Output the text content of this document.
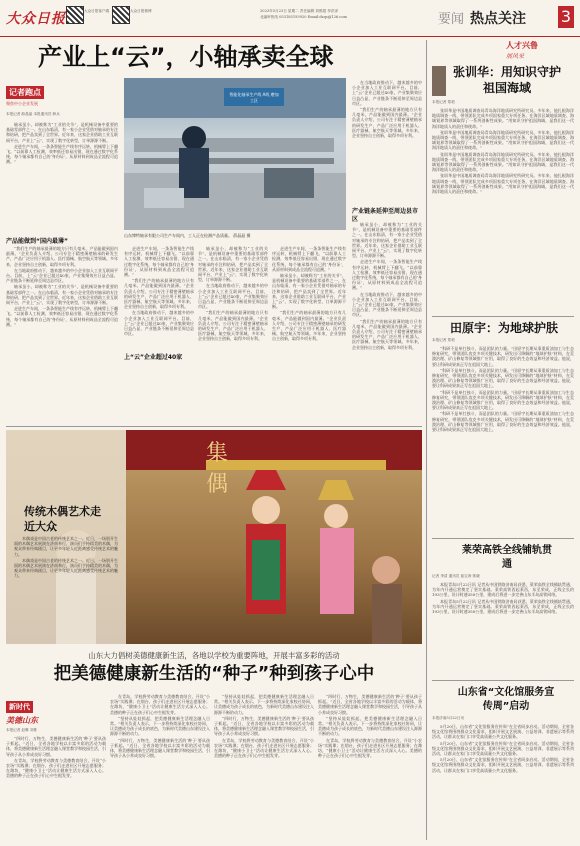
大众日报	大众日报客户端	大众日报微博	2023年5月23日 星期二 责任编辑 刘维超 李洪泽
北编审热线 053185193920 Email:dzqs@126.com	要闻 热点关注 3
产业上“云”，小轴承卖全球
记者跑点
聚焦中小企业发展
本报记者 薛晶晶 本报通讯员 韩兵

轴承虽小，却被称为“工业的关节”，是机械设备中重要的基础零部件之一。在山东临清，有一家小企业凭借对轴承的专注和钻研，把产品卖到了全世界。近年来，这家企业借助工业互联网平台，产业上“云”，实现了数字化转型，订单源源不断。

走进生产车间，一条条智能生产线有序运转，机械臂上下翻飞。“以前靠人工检测，效率低还容易出错，现在通过数字化系统，每个轴承都有自己的‘身份证’，从原材料到成品全流程可追溯。”

产品能做到“国内最薄”

“我们生产的轴承最薄的地方只有几毫米，产品能做到国内最薄。”企业负责人介绍，公司专注于精密薄壁轴承的研发生产，产品广泛应用于机器人、医疗器械、航空航天等领域。多年来，企业坚持自主创新，取得多项专利。

在当地政府推动下，越来越多的中小企业加入工业互联网平台。目前，上“云”企业已超过40家，产业集聚效应日益凸显，产业链条不断延伸至周边县市区。

轴承虽小，却被称为“工业的关节”，是机械设备中重要的基础零部件之一。在山东临清，有一家小企业凭借对轴承的专注和钻研，把产品卖到了全世界。近年来，这家企业借助工业互联网平台，产业上“云”，实现了数字化转型，订单源源不断。

走进生产车间，一条条智能生产线有序运转，机械臂上下翻飞。“以前靠人工检测，效率低还容易出错，现在通过数字化系统，每个轴承都有自己的‘身份证’，从原材料到成品全流程可追溯。”

智能化轴承生产线 A线 磨加工区
山东博特轴承有限公司生产车间内，工人正在检测产品质量。 薛晶晶 摄

走进生产车间，一条条智能生产线有序运转，机械臂上下翻飞。“以前靠人工检测，效率低还容易出错，现在通过数字化系统，每个轴承都有自己的‘身份证’，从原材料到成品全流程可追溯。”

“我们生产的轴承最薄的地方只有几毫米，产品能做到国内最薄。”企业负责人介绍，公司专注于精密薄壁轴承的研发生产，产品广泛应用于机器人、医疗器械、航空航天等领域。多年来，企业坚持自主创新，取得多项专利。

在当地政府推动下，越来越多的中小企业加入工业互联网平台。目前，上“云”企业已超过40家，产业集聚效应日益凸显，产业链条不断延伸至周边县市区。

上“云”企业超过40家

轴承虽小，却被称为“工业的关节”，是机械设备中重要的基础零部件之一。在山东临清，有一家小企业凭借对轴承的专注和钻研，把产品卖到了全世界。近年来，这家企业借助工业互联网平台，产业上“云”，实现了数字化转型，订单源源不断。

在当地政府推动下，越来越多的中小企业加入工业互联网平台。目前，上“云”企业已超过40家，产业集聚效应日益凸显，产业链条不断延伸至周边县市区。

“我们生产的轴承最薄的地方只有几毫米，产品能做到国内最薄。”企业负责人介绍，公司专注于精密薄壁轴承的研发生产，产品广泛应用于机器人、医疗器械、航空航天等领域。多年来，企业坚持自主创新，取得多项专利。

走进生产车间，一条条智能生产线有序运转，机械臂上下翻飞。“以前靠人工检测，效率低还容易出错，现在通过数字化系统，每个轴承都有自己的‘身份证’，从原材料到成品全流程可追溯。”

轴承虽小，却被称为“工业的关节”，是机械设备中重要的基础零部件之一。在山东临清，有一家小企业凭借对轴承的专注和钻研，把产品卖到了全世界。近年来，这家企业借助工业互联网平台，产业上“云”，实现了数字化转型，订单源源不断。

“我们生产的轴承最薄的地方只有几毫米，产品能做到国内最薄。”企业负责人介绍，公司专注于精密薄壁轴承的研发生产，产品广泛应用于机器人、医疗器械、航空航天等领域。多年来，企业坚持自主创新，取得多项专利。

产业链条延伸至周边县市区

在当地政府推动下，越来越多的中小企业加入工业互联网平台。目前，上“云”企业已超过40家，产业集聚效应日益凸显，产业链条不断延伸至周边县市区。

“我们生产的轴承最薄的地方只有几毫米，产品能做到国内最薄。”企业负责人介绍，公司专注于精密薄壁轴承的研发生产，产品广泛应用于机器人、医疗器械、航空航天等领域。多年来，企业坚持自主创新，取得多项专利。

轴承虽小，却被称为“工业的关节”，是机械设备中重要的基础零部件之一。在山东临清，有一家小企业凭借对轴承的专注和钻研，把产品卖到了全世界。近年来，这家企业借助工业互联网平台，产业上“云”，实现了数字化转型，订单源源不断。

走进生产车间，一条条智能生产线有序运转，机械臂上下翻飞。“以前靠人工检测，效率低还容易出错，现在通过数字化系统，每个轴承都有自己的‘身份证’，从原材料到成品全流程可追溯。”

在当地政府推动下，越来越多的中小企业加入工业互联网平台。目前，上“云”企业已超过40家，产业集聚效应日益凸显，产业链条不断延伸至周边县市区。

“我们生产的轴承最薄的地方只有几毫米，产品能做到国内最薄。”企业负责人介绍，公司专注于精密薄壁轴承的研发生产，产品广泛应用于机器人、医疗器械、航空航天等领域。多年来，企业坚持自主创新，取得多项专利。

人才兴鲁
展风采
张训华：用知识守护祖国海域
本报记者 郑莉

张训华是中国地质调查局青岛海洋地质研究所研究员。多年来，他扎根海洋地质调查一线，带领团队完成多项国家重大专项任务，在海洋区域地质调查、海域划界等领域取得了一系列创新性成果。“用知识守护祖国海域，是我们这一代海洋地质人的责任和使命。”

张训华是中国地质调查局青岛海洋地质研究所研究员。多年来，他扎根海洋地质调查一线，带领团队完成多项国家重大专项任务，在海洋区域地质调查、海域划界等领域取得了一系列创新性成果。“用知识守护祖国海域，是我们这一代海洋地质人的责任和使命。”

张训华是中国地质调查局青岛海洋地质研究所研究员。多年来，他扎根海洋地质调查一线，带领团队完成多项国家重大专项任务，在海洋区域地质调查、海域划界等领域取得了一系列创新性成果。“用知识守护祖国海域，是我们这一代海洋地质人的责任和使命。”

张训华是中国地质调查局青岛海洋地质研究所研究员。多年来，他扎根海洋地质调查一线，带领团队完成多项国家重大专项任务，在海洋区域地质调查、海域划界等领域取得了一系列创新性成果。“用知识守护祖国海域，是我们这一代海洋地质人的责任和使命。”

田原宇：为地球护肤
本报记者 郑莉

“科研不是单打独斗，而是团队的力量。”田原宇长期从事重质油加工与生态修复研究，带领团队攻克多项关键技术，研发出可降解的“地球护肤”材料，在荒漠治理、矿山修复等领域推广应用，取得了良好的生态效益和经济效益。他说，要让科研成果真正写在祖国大地上。

“科研不是单打独斗，而是团队的力量。”田原宇长期从事重质油加工与生态修复研究，带领团队攻克多项关键技术，研发出可降解的“地球护肤”材料，在荒漠治理、矿山修复等领域推广应用，取得了良好的生态效益和经济效益。他说，要让科研成果真正写在祖国大地上。

“科研不是单打独斗，而是团队的力量。”田原宇长期从事重质油加工与生态修复研究，带领团队攻克多项关键技术，研发出可降解的“地球护肤”材料，在荒漠治理、矿山修复等领域推广应用，取得了良好的生态效益和经济效益。他说，要让科研成果真正写在祖国大地上。

“科研不是单打独斗，而是团队的力量。”田原宇长期从事重质油加工与生态修复研究，带领团队攻克多项关键技术，研发出可降解的“地球护肤”材料，在荒漠治理、矿山修复等领域推广应用，取得了良好的生态效益和经济效益。他说，要让科研成果真正写在祖国大地上。

莱荣高铁全线铺轨贯通
记者 李清 通讯员 崔宝涛 郭晓

本报青岛5月22日讯 记者从中国铁路济南局获悉，莱荣高铁全线铺轨贯通，为年内开通运营奠定了坚实基础。莱荣高铁西起莱西，东至荣成，正线全长约193公里，设计时速350公里，建成后将进一步完善山东半岛高铁网络。

本报青岛5月22日讯 记者从中国铁路济南局获悉，莱荣高铁全线铺轨贯通，为年内开通运营奠定了坚实基础。莱荣高铁西起莱西，东至荣成，正线全长约193公里，设计时速350公里，建成后将进一步完善山东半岛高铁网络。

山东省“文化馆服务宣传周”启动
本报济南5月22日讯

5月20日，山东省“文化馆服务宣传周”在全省同步启动。活动期间，全省各级文化馆将围绕群众文化需求，组织开展文艺展演、公益培训、非遗展示等系列活动，让群众在家门口享受高质量公共文化服务。

5月20日，山东省“文化馆服务宣传周”在全省同步启动。活动期间，全省各级文化馆将围绕群众文化需求，组织开展文艺展演、公益培训、非遗展示等系列活动，让群众在家门口享受高质量公共文化服务。

5月20日，山东省“文化馆服务宣传周”在全省同步启动。活动期间，全省各级文化馆将围绕群众文化需求，组织开展文艺展演、公益培训、非遗展示等系列活动，让群众在家门口享受高质量公共文化服务。

集 偶
传统木偶艺术走近大众

木偶戏是中国古老的传统艺术之一。近日，一场别开生面的木偶艺术展演在济南举行，演员们手持精美的木偶，为观众带来经典剧目，让更多年轻人近距离感受传统艺术的魅力。

木偶戏是中国古老的传统艺术之一。近日，一场别开生面的木偶艺术展演在济南举行，演员们手持精美的木偶，为观众带来经典剧目，让更多年轻人近距离感受传统艺术的魅力。

山东大力倡树美德健康新生活，各地以学校为重要阵地，开展丰富多彩的活动
把美德健康新生活的“种子”种到孩子心中
新时代
美德山东
本报记者 赵琳 刘栋

“四时行，万物生，美德健康新生活的‘种子’要从孩子抓起。”近日，全省各地学校以丰富多彩的活动为载体，将美德健康新生活理念融入课堂教学和校园生活，引导孩子从小养成良好习惯。

在青岛，学校将劳动教育与美德教育结合，开设“小农场”实践课；在烟台，孩子们走进社区开展志愿服务；在潍坊，“健康小卫士”活动让健康生活方式深入人心。美德的种子正在孩子们心中生根发芽。

在青岛，学校将劳动教育与美德教育结合，开设“小农场”实践课；在烟台，孩子们走进社区开展志愿服务；在潍坊，“健康小卫士”活动让健康生活方式深入人心。美德的种子正在孩子们心中生根发芽。

“坚持从娃娃抓起，把美德健康新生活理念融入日常。”相关负责人表示，下一步将持续深化家校社协同，让美德成为孩子成长的底色，为新时代美德山东建设注入源源不断的动力。

“四时行，万物生，美德健康新生活的‘种子’要从孩子抓起。”近日，全省各地学校以丰富多彩的活动为载体，将美德健康新生活理念融入课堂教学和校园生活，引导孩子从小养成良好习惯。

“坚持从娃娃抓起，把美德健康新生活理念融入日常。”相关负责人表示，下一步将持续深化家校社协同，让美德成为孩子成长的底色，为新时代美德山东建设注入源源不断的动力。

“四时行，万物生，美德健康新生活的‘种子’要从孩子抓起。”近日，全省各地学校以丰富多彩的活动为载体，将美德健康新生活理念融入课堂教学和校园生活，引导孩子从小养成良好习惯。

在青岛，学校将劳动教育与美德教育结合，开设“小农场”实践课；在烟台，孩子们走进社区开展志愿服务；在潍坊，“健康小卫士”活动让健康生活方式深入人心。美德的种子正在孩子们心中生根发芽。

“四时行，万物生，美德健康新生活的‘种子’要从孩子抓起。”近日，全省各地学校以丰富多彩的活动为载体，将美德健康新生活理念融入课堂教学和校园生活，引导孩子从小养成良好习惯。

“坚持从娃娃抓起，把美德健康新生活理念融入日常。”相关负责人表示，下一步将持续深化家校社协同，让美德成为孩子成长的底色，为新时代美德山东建设注入源源不断的动力。

在青岛，学校将劳动教育与美德教育结合，开设“小农场”实践课；在烟台，孩子们走进社区开展志愿服务；在潍坊，“健康小卫士”活动让健康生活方式深入人心。美德的种子正在孩子们心中生根发芽。
